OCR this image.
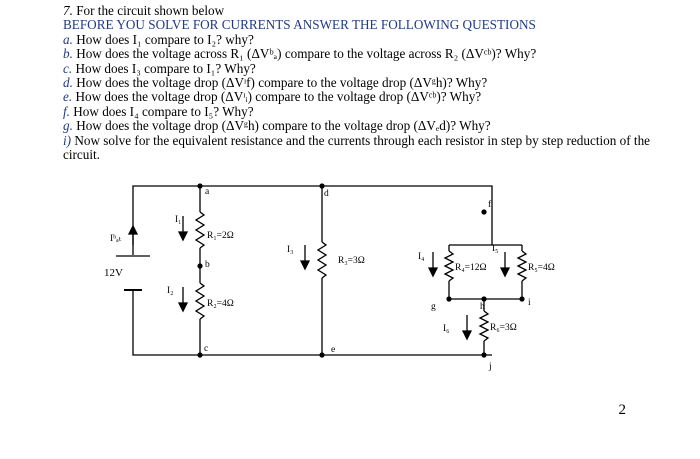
7. For the circuit shown below
BEFORE YOU SOLVE FOR CURRENTS ANSWER THE FOLLOWING QUESTIONS
a. How does I₁ compare to I₂? why?
b. How does the voltage across R₁ (ΔVᵇₐ) compare to the voltage across R₂ (ΔVᶜᵇ)? Why?
c. How does I₃ compare to I₁? Why?
d. How does the voltage drop (ΔVᶦf) compare to the voltage drop (ΔVᵍh)? Why?
e. How does the voltage drop (ΔVᶦᵢ) compare to the voltage drop (ΔVᶜᵇ)? Why?
f. How does I₄ compare to I₅? Why?
g. How does the voltage drop (ΔVᵍh) compare to the voltage drop (ΔVₑd)? Why?
i) Now solve for the equivalent resistance and the currents through each resistor in step by step reduction of the circuit.
Iᵇₐₜ
12V
a
b
c
d
e
f
g	h	i
j
I₁
I₂
I₃
I₄
I₅
I₆
R₁=2Ω
R₂=4Ω
R₃=3Ω
R₄=12Ω	R₅=4Ω
R₆=3Ω
2
